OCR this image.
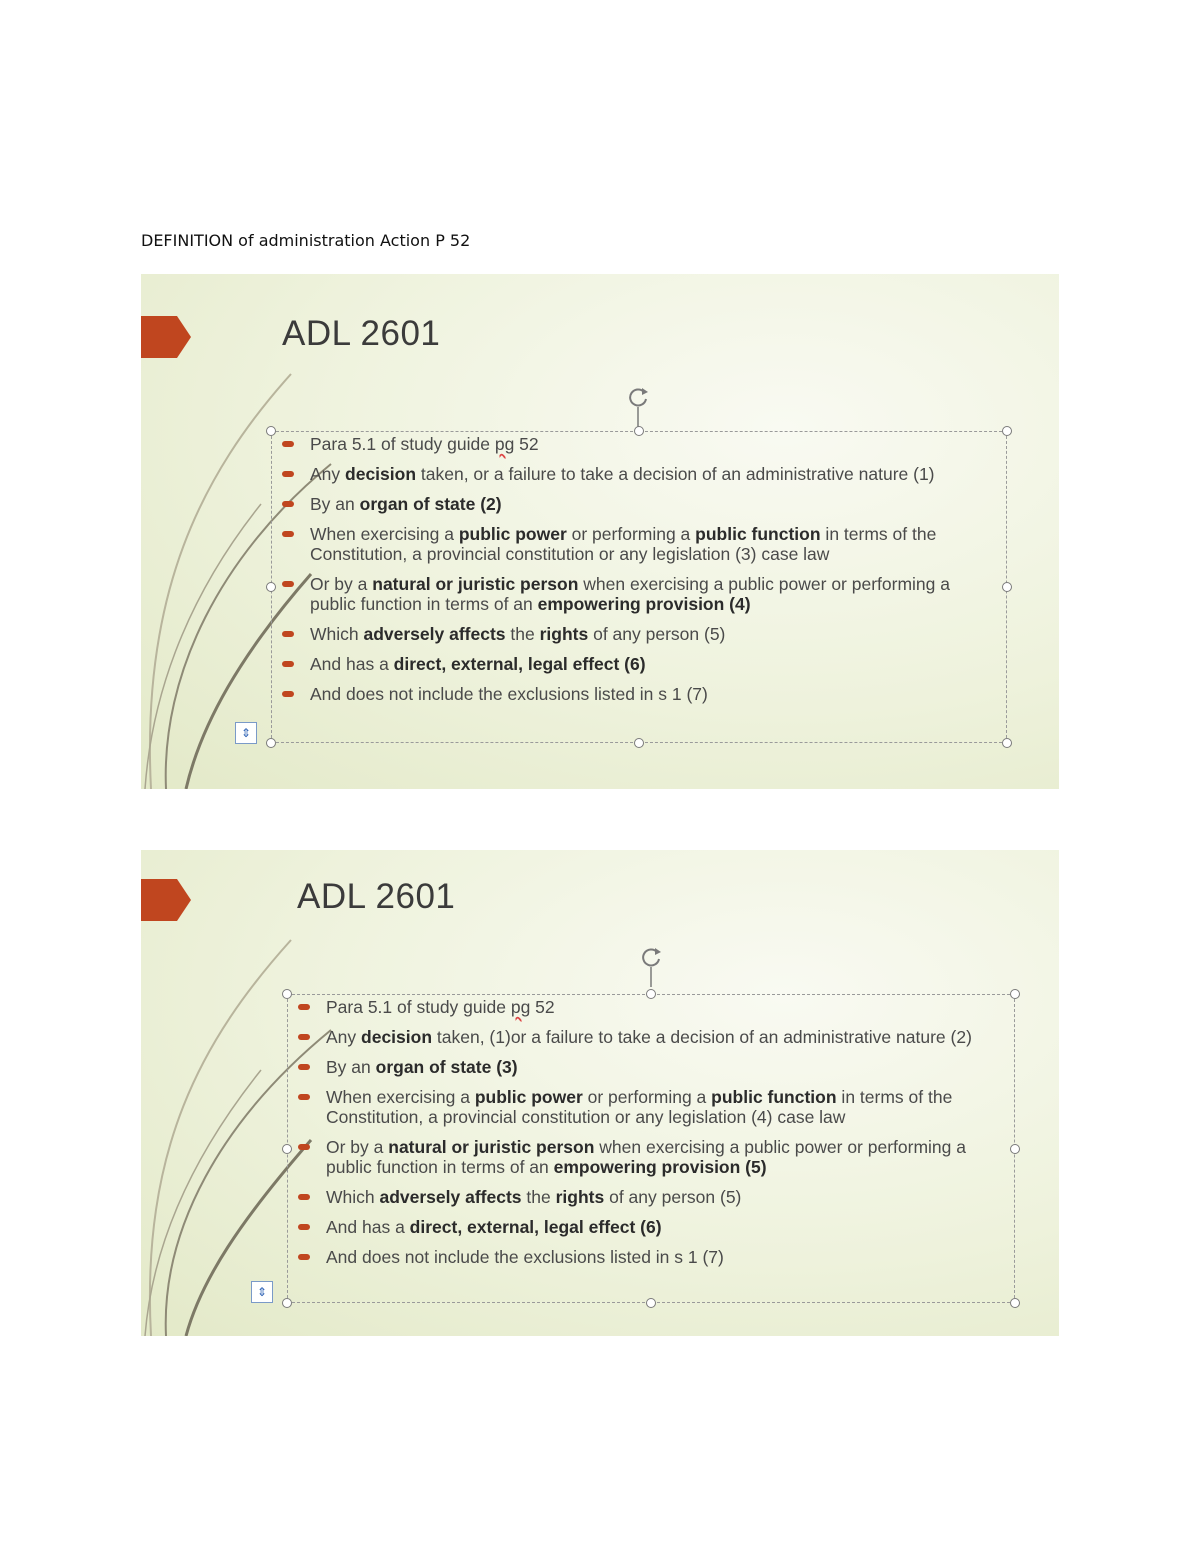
DEFINITION of administration Action P 52
ADL 2601
Para 5.1 of study guide pg 52
Any decision taken, or a failure to take a decision of an administrative nature (1)
By an organ of state (2)
When exercising a public power or performing a public function in terms of the Constitution, a provincial constitution or any legislation (3) case law
Or by a natural or juristic person when exercising a public power or performing a public function in terms of an empowering provision (4)
Which adversely affects the rights of any person (5)
And has a direct, external, legal effect (6)
And does not include the exclusions listed in s 1 (7)
⇕
ADL 2601
Para 5.1 of study guide pg 52
Any decision taken, (1)or a failure to take a decision of an administrative nature (2)
By an organ of state (3)
When exercising a public power or performing a public function in terms of the Constitution, a provincial constitution or any legislation (4) case law
Or by a natural or juristic person when exercising a public power or performing a public function in terms of an empowering provision (5)
Which adversely affects the rights of any person (5)
And has a direct, external, legal effect (6)
And does not include the exclusions listed in s 1 (7)
⇕
